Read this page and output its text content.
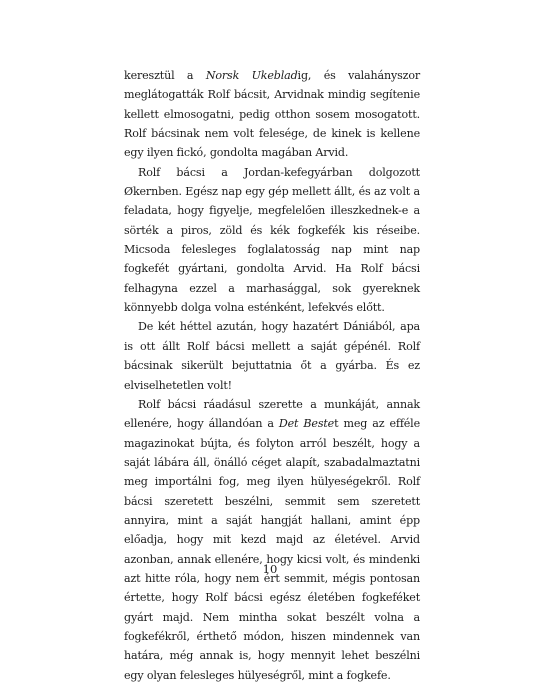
keresztül a Norsk Ukebladig, és valahányszor meglátogatták Rolf bácsit, Arvidnak mindig segítenie kellett elmosogatni, pedig otthon sosem mosogatott. Rolf bácsinak nem volt felesége, de kinek is kellene egy ilyen fickó, gondolta magában Arvid.

Rolf bácsi a Jordan-kefegyárban dolgozott Økernben. Egész nap egy gép mellett állt, és az volt a feladata, hogy figyelje, megfelelően illeszkednek-e a sörték a piros, zöld és kék fogkefék kis réseibe. Micsoda felesleges foglalatosság nap mint nap fogkefét gyártani, gondolta Arvid. Ha Rolf bácsi felhagyna ezzel a marhasággal, sok gyereknek könnyebb dolga volna esténként, lefekvés előtt.

De két héttel azután, hogy hazatért Dániából, apa is ott állt Rolf bácsi mellett a saját gépénél. Rolf bácsinak sikerült bejuttatnia őt a gyárba. És ez elviselhetetlen volt!

Rolf bácsi ráadásul szerette a munkáját, annak ellenére, hogy állandóan a Det Bestet meg az efféle magazinokat bújta, és folyton arról beszélt, hogy a saját lábára áll, önálló céget alapít, szabadalmaztatni meg importálni fog, meg ilyen hülyeségekről. Rolf bácsi szeretett beszélni, semmit sem szeretett annyira, mint a saját hangját hallani, amint épp előadja, hogy mit kezd majd az életével. Arvid azonban, annak ellenére, hogy kicsi volt, és mindenki azt hitte róla, hogy nem ért semmit, mégis pontosan értette, hogy Rolf bácsi egész életében fogkeféket gyárt majd. Nem mintha sokat beszélt volna a fogkefékről, érthető módon, hiszen mindennek van határa, még annak is, hogy mennyit lehet beszélni egy olyan felesleges hülyeségről, mint a fogkefe.

10
